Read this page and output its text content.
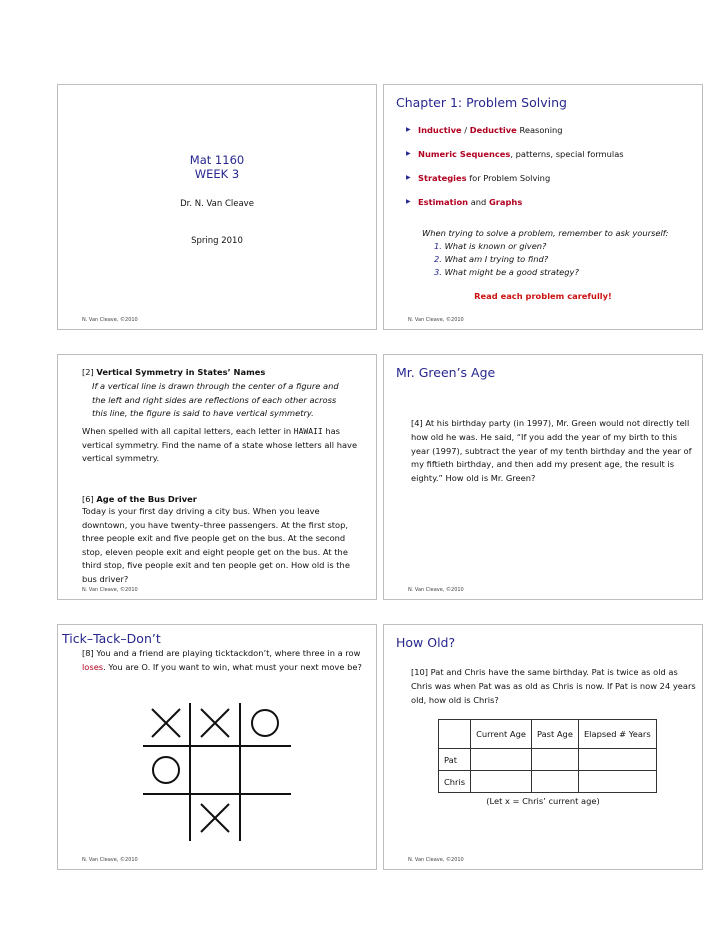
Mat 1160
WEEK 3
Dr. N. Van Cleave
Spring 2010
N. Van Cleave, ©2010
Chapter 1: Problem Solving
▶ Inductive / Deductive Reasoning
▶ Numeric Sequences, patterns, special formulas
▶ Strategies for Problem Solving
▶ Estimation and Graphs
When trying to solve a problem, remember to ask yourself:
1. What is known or given?
2. What am I trying to find?
3. What might be a good strategy?
Read each problem carefully!
N. Van Cleave, ©2010
[2] Vertical Symmetry in States’ Names
If a vertical line is drawn through the center of a figure and the left and right sides are reflections of each other across this line, the figure is said to have vertical symmetry.
When spelled with all capital letters, each letter in HAWAII has vertical symmetry. Find the name of a state whose letters all have vertical symmetry.
[6] Age of the Bus Driver
Today is your first day driving a city bus. When you leave downtown, you have twenty–three passengers. At the first stop, three people exit and five people get on the bus. At the second stop, eleven people exit and eight people get on the bus. At the third stop, five people exit and ten people get on. How old is the bus driver?
N. Van Cleave, ©2010
Mr. Green’s Age
[4] At his birthday party (in 1997), Mr. Green would not directly tell how old he was. He said, “If you add the year of my birth to this year (1997), subtract the year of my tenth birthday and the year of my fiftieth birthday, and then add my present age, the result is eighty.” How old is Mr. Green?
N. Van Cleave, ©2010
Tick–Tack–Don’t
[8] You and a friend are playing ticktackdon’t, where three in a row loses. You are O. If you want to win, what must your next move be?
N. Van Cleave, ©2010
How Old?
[10] Pat and Chris have the same birthday. Pat is twice as old as Chris was when Pat was as old as Chris is now. If Pat is now 24 years old, how old is Chris?
	Current Age	Past Age	Elapsed # Years
Pat			
Chris			
(Let x = Chris’ current age)
N. Van Cleave, ©2010
